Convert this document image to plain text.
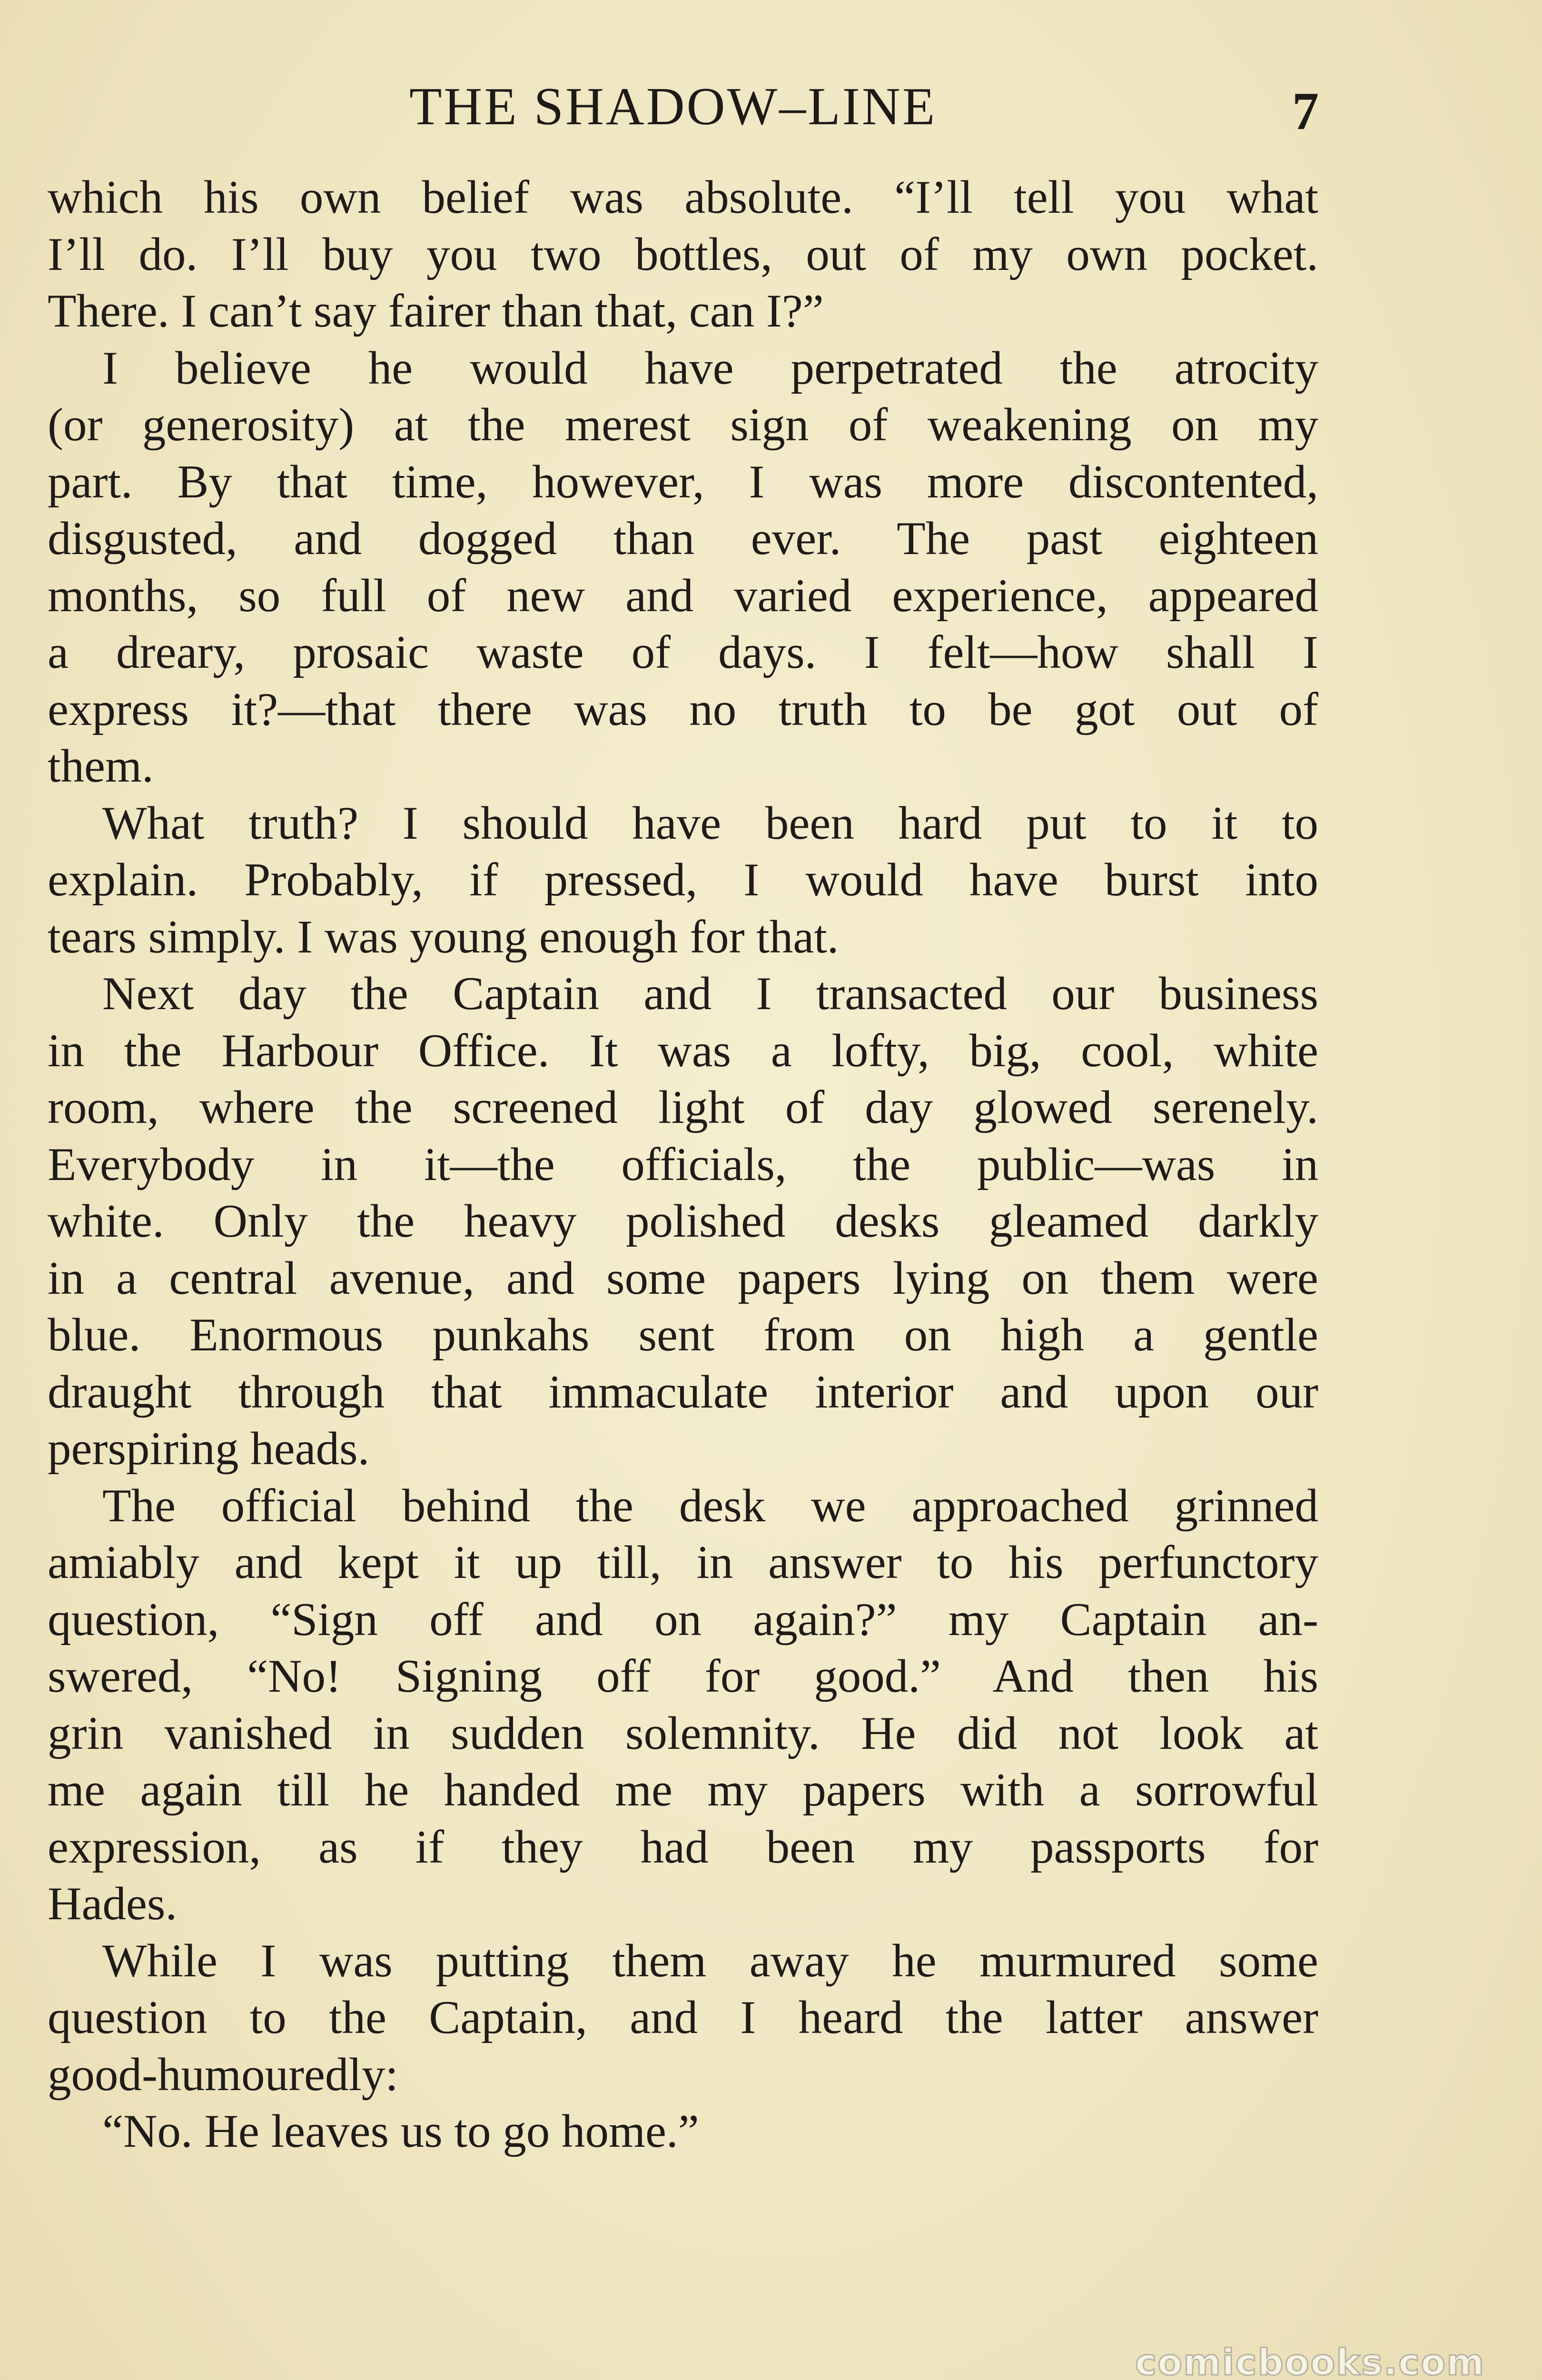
THE SHADOW–LINE	7
which his own belief was absolute. “I’ll tell you what
I’ll do. I’ll buy you two bottles, out of my own pocket.
There. I can’t say fairer than that, can I?”
I believe he would have perpetrated the atrocity
(or generosity) at the merest sign of weakening on my
part. By that time, however, I was more discontented,
disgusted, and dogged than ever. The past eighteen
months, so full of new and varied experience, appeared
a dreary, prosaic waste of days. I felt—how shall I
express it?—that there was no truth to be got out of
them.
What truth? I should have been hard put to it to
explain. Probably, if pressed, I would have burst into
tears simply. I was young enough for that.
Next day the Captain and I transacted our business
in the Harbour Office. It was a lofty, big, cool, white
room, where the screened light of day glowed serenely.
Everybody in it—the officials, the public—was in
white. Only the heavy polished desks gleamed darkly
in a central avenue, and some papers lying on them were
blue. Enormous punkahs sent from on high a gentle
draught through that immaculate interior and upon our
perspiring heads.
The official behind the desk we approached grinned
amiably and kept it up till, in answer to his perfunctory
question, “Sign off and on again?” my Captain an-
swered, “No! Signing off for good.” And then his
grin vanished in sudden solemnity. He did not look at
me again till he handed me my papers with a sorrowful
expression, as if they had been my passports for
Hades.
While I was putting them away he murmured some
question to the Captain, and I heard the latter answer
good-humouredly:
“No. He leaves us to go home.”
comicbooks.com
